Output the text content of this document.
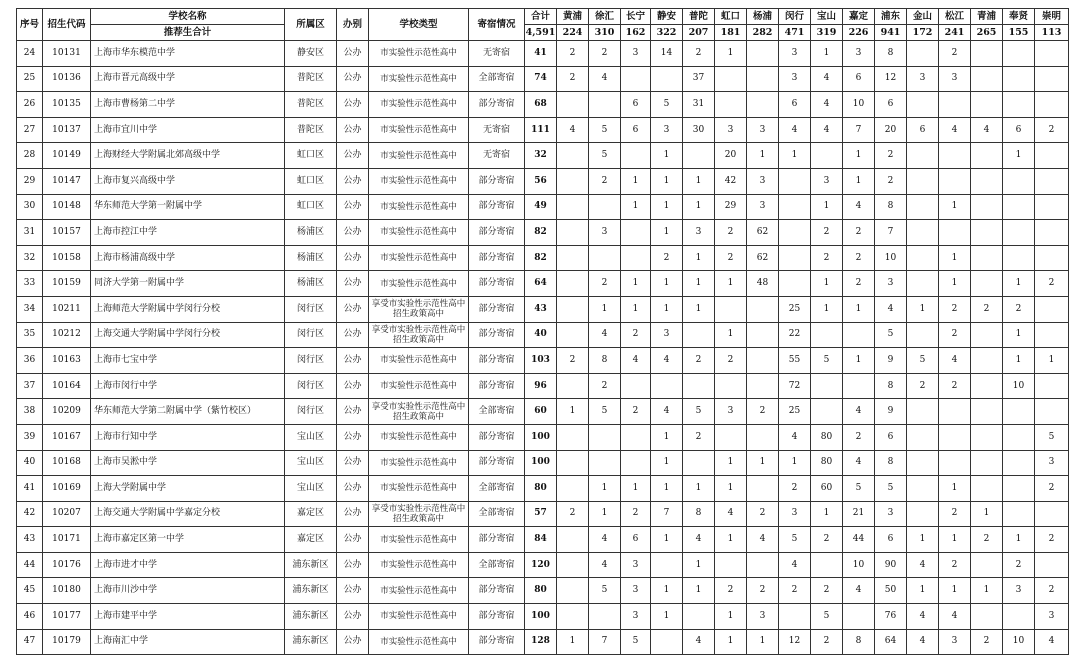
序号	招生代码	学校名称	所属区	办别	学校类型	寄宿情况	合计	黄浦	徐汇	长宁	静安	普陀	虹口	杨浦	闵行	宝山	嘉定	浦东	金山	松江	青浦	奉贤	崇明
		推荐生合计					4,591	224	310	162	322	207	181	282	471	319	226	941	172	241	265	155	113
24	10131	上海市华东模范中学	静安区	公办	市实验性示范性高中	无寄宿	41	2	2	3	14	2	1		3	1	3	8		2			
25	10136	上海市晋元高级中学	普陀区	公办	市实验性示范性高中	全部寄宿	74	2	4			37			3	4	6	12	3	3			
26	10135	上海市曹杨第二中学	普陀区	公办	市实验性示范性高中	部分寄宿	68			6	5	31			6	4	10	6					
27	10137	上海市宜川中学	普陀区	公办	市实验性示范性高中	无寄宿	111	4	5	6	3	30	3	3	4	4	7	20	6	4	4	6	2
28	10149	上海财经大学附属北郊高级中学	虹口区	公办	市实验性示范性高中	无寄宿	32		5		1		20	1	1		1	2				1	
29	10147	上海市复兴高级中学	虹口区	公办	市实验性示范性高中	部分寄宿	56		2	1	1	1	42	3		3	1	2					
30	10148	华东师范大学第一附属中学	虹口区	公办	市实验性示范性高中	部分寄宿	49			1	1	1	29	3		1	4	8		1			
31	10157	上海市控江中学	杨浦区	公办	市实验性示范性高中	部分寄宿	82		3		1	3	2	62		2	2	7					
32	10158	上海市杨浦高级中学	杨浦区	公办	市实验性示范性高中	部分寄宿	82				2	1	2	62		2	2	10		1			
33	10159	同济大学第一附属中学	杨浦区	公办	市实验性示范性高中	部分寄宿	64		2	1	1	1	1	48		1	2	3		1		1	2
34	10211	上海师范大学附属中学闵行分校	闵行区	公办	享受市实验性示范性高中招生政策高中	部分寄宿	43		1	1	1	1			25	1	1	4	1	2	2	2	
35	10212	上海交通大学附属中学闵行分校	闵行区	公办	享受市实验性示范性高中招生政策高中	部分寄宿	40		4	2	3		1		22			5		2		1	
36	10163	上海市七宝中学	闵行区	公办	市实验性示范性高中	部分寄宿	103	2	8	4	4	2	2		55	5	1	9	5	4		1	1
37	10164	上海市闵行中学	闵行区	公办	市实验性示范性高中	部分寄宿	96		2						72			8	2	2		10	
38	10209	华东师范大学第二附属中学（紫竹校区）	闵行区	公办	享受市实验性示范性高中招生政策高中	全部寄宿	60	1	5	2	4	5	3	2	25		4	9					
39	10167	上海市行知中学	宝山区	公办	市实验性示范性高中	部分寄宿	100				1	2			4	80	2	6					5
40	10168	上海市吴淞中学	宝山区	公办	市实验性示范性高中	部分寄宿	100				1		1	1	1	80	4	8					3
41	10169	上海大学附属中学	宝山区	公办	市实验性示范性高中	全部寄宿	80		1	1	1	1	1		2	60	5	5		1			2
42	10207	上海交通大学附属中学嘉定分校	嘉定区	公办	享受市实验性示范性高中招生政策高中	全部寄宿	57	2	1	2	7	8	4	2	3	1	21	3		2	1		
43	10171	上海市嘉定区第一中学	嘉定区	公办	市实验性示范性高中	部分寄宿	84		4	6	1	4	1	4	5	2	44	6	1	1	2	1	2
44	10176	上海市进才中学	浦东新区	公办	市实验性示范性高中	全部寄宿	120		4	3		1			4		10	90	4	2		2	
45	10180	上海市川沙中学	浦东新区	公办	市实验性示范性高中	部分寄宿	80		5	3	1	1	2	2	2	2	4	50	1	1	1	3	2
46	10177	上海市建平中学	浦东新区	公办	市实验性示范性高中	部分寄宿	100			3	1		1	3		5		76	4	4			3
47	10179	上海南汇中学	浦东新区	公办	市实验性示范性高中	部分寄宿	128	1	7	5		4	1	1	12	2	8	64	4	3	2	10	4
